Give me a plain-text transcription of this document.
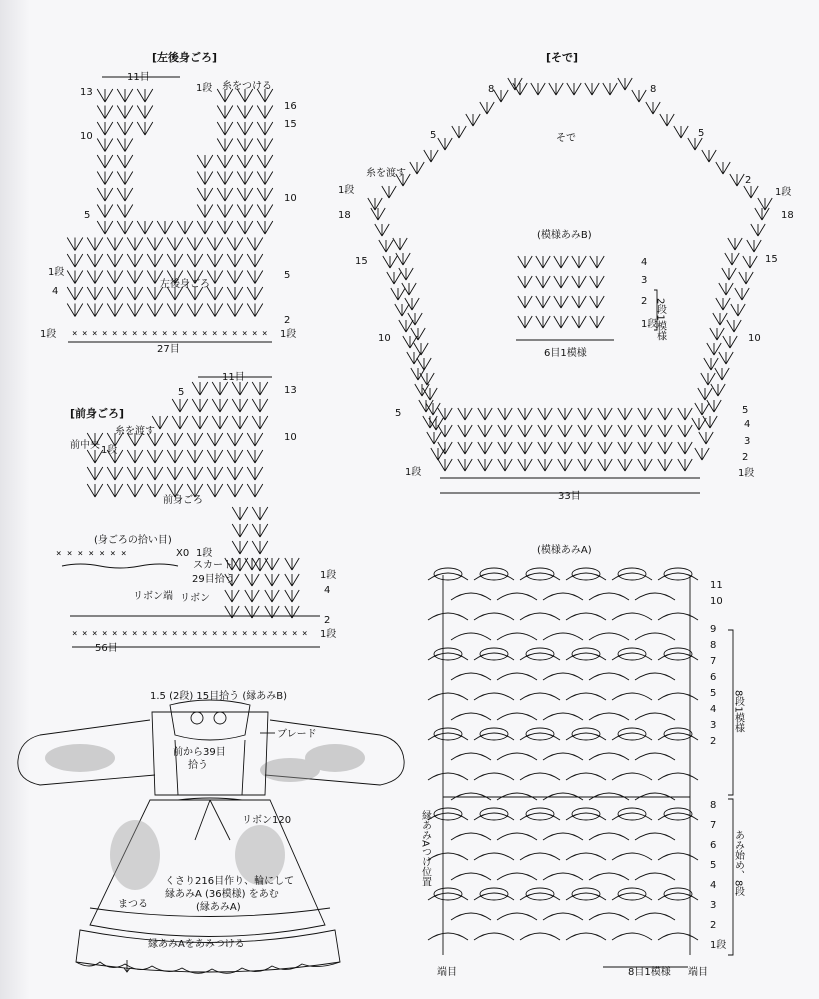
[左後身ごろ]
11目
1段 糸をつける
× × × × × × × × × × × × × × × × × × × ×
左後身ごろ
13
10
5
1段
4
1段
16
15
10
5
2
1段
27目
[前身ごろ]
11目
糸を渡す
前中央 1段
前身ごろ
5	13
10
(身ごろの拾い目)
× × × × × × ×	X0 1段
スカート
29目拾う
リボン端 リボン
× × × × × × × × × × × × × × × × × × × × × × × ×
1段
4
2
1段
56目
[そで]
そで
8	8
糸を渡す
5
1段
18
15
10
5
1段
5
2
1段
18
15
10
5
4
3
2
1段
33目
(模様あみB)
4
3
2
1段
2段1模様
6目1模様
(模様あみA)
11
10
9
8
7
6
5
4
3
2
8
7
6
5
4
3
2
1段
8段1模様
あみ始め、8段
縁あみAつけ位置
端目	8目1模様 端目
1.5 (2段) 15目拾う (縁あみB)
ブレード
前から39目
拾う
リボン120
くさり216目作り、輪にして
縁あみA (36模様) をあむ
(縁あみA)
まつる
縁あみAをあみつける
